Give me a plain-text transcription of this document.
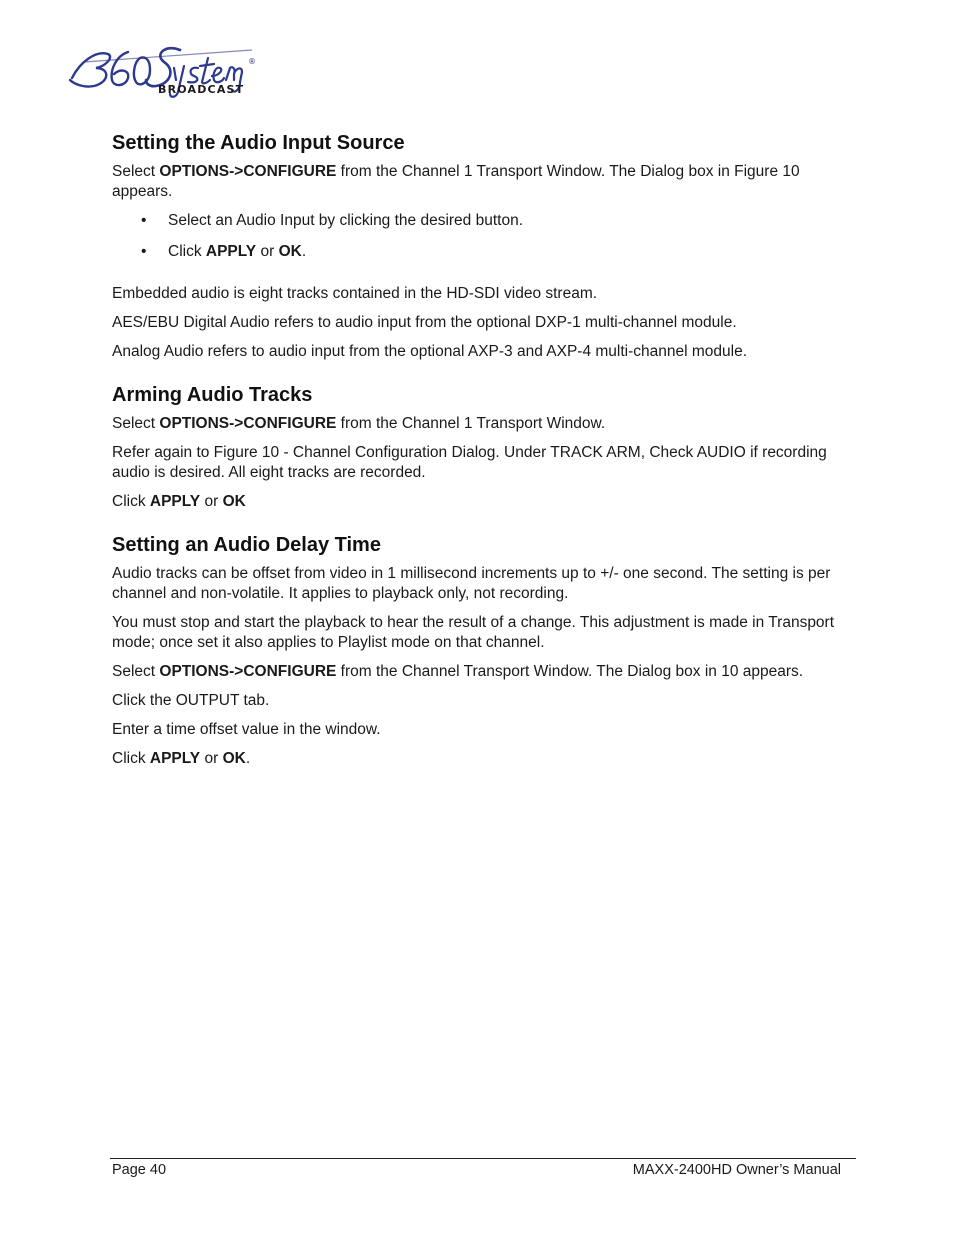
®
BROADCAST
Setting the Audio Input Source

Select OPTIONS->CONFIGURE from the Channel 1 Transport Window. The Dialog box in Figure 10 appears.

• Select an Audio Input by clicking the desired button.
• Click APPLY or OK.

Embedded audio is eight tracks contained in the HD-SDI video stream.

AES/EBU Digital Audio refers to audio input from the optional DXP-1 multi-channel module.

Analog Audio refers to audio input from the optional AXP-3 and AXP-4 multi-channel module.

Arming Audio Tracks

Select OPTIONS->CONFIGURE from the Channel 1 Transport Window.

Refer again to Figure 10 - Channel Configuration Dialog. Under TRACK ARM, Check AUDIO if recording audio is desired. All eight tracks are recorded.

Click APPLY or OK

Setting an Audio Delay Time

Audio tracks can be offset from video in 1 millisecond increments up to +/- one second. The setting is per channel and non-volatile. It applies to playback only, not recording.

You must stop and start the playback to hear the result of a change. This adjustment is made in Transport mode; once set it also applies to Playlist mode on that channel.

Select OPTIONS->CONFIGURE from the Channel Transport Window. The Dialog box in 10 appears.

Click the OUTPUT tab.

Enter a time offset value in the window.

Click APPLY or OK.

Page 40	MAXX-2400HD Owner’s Manual
